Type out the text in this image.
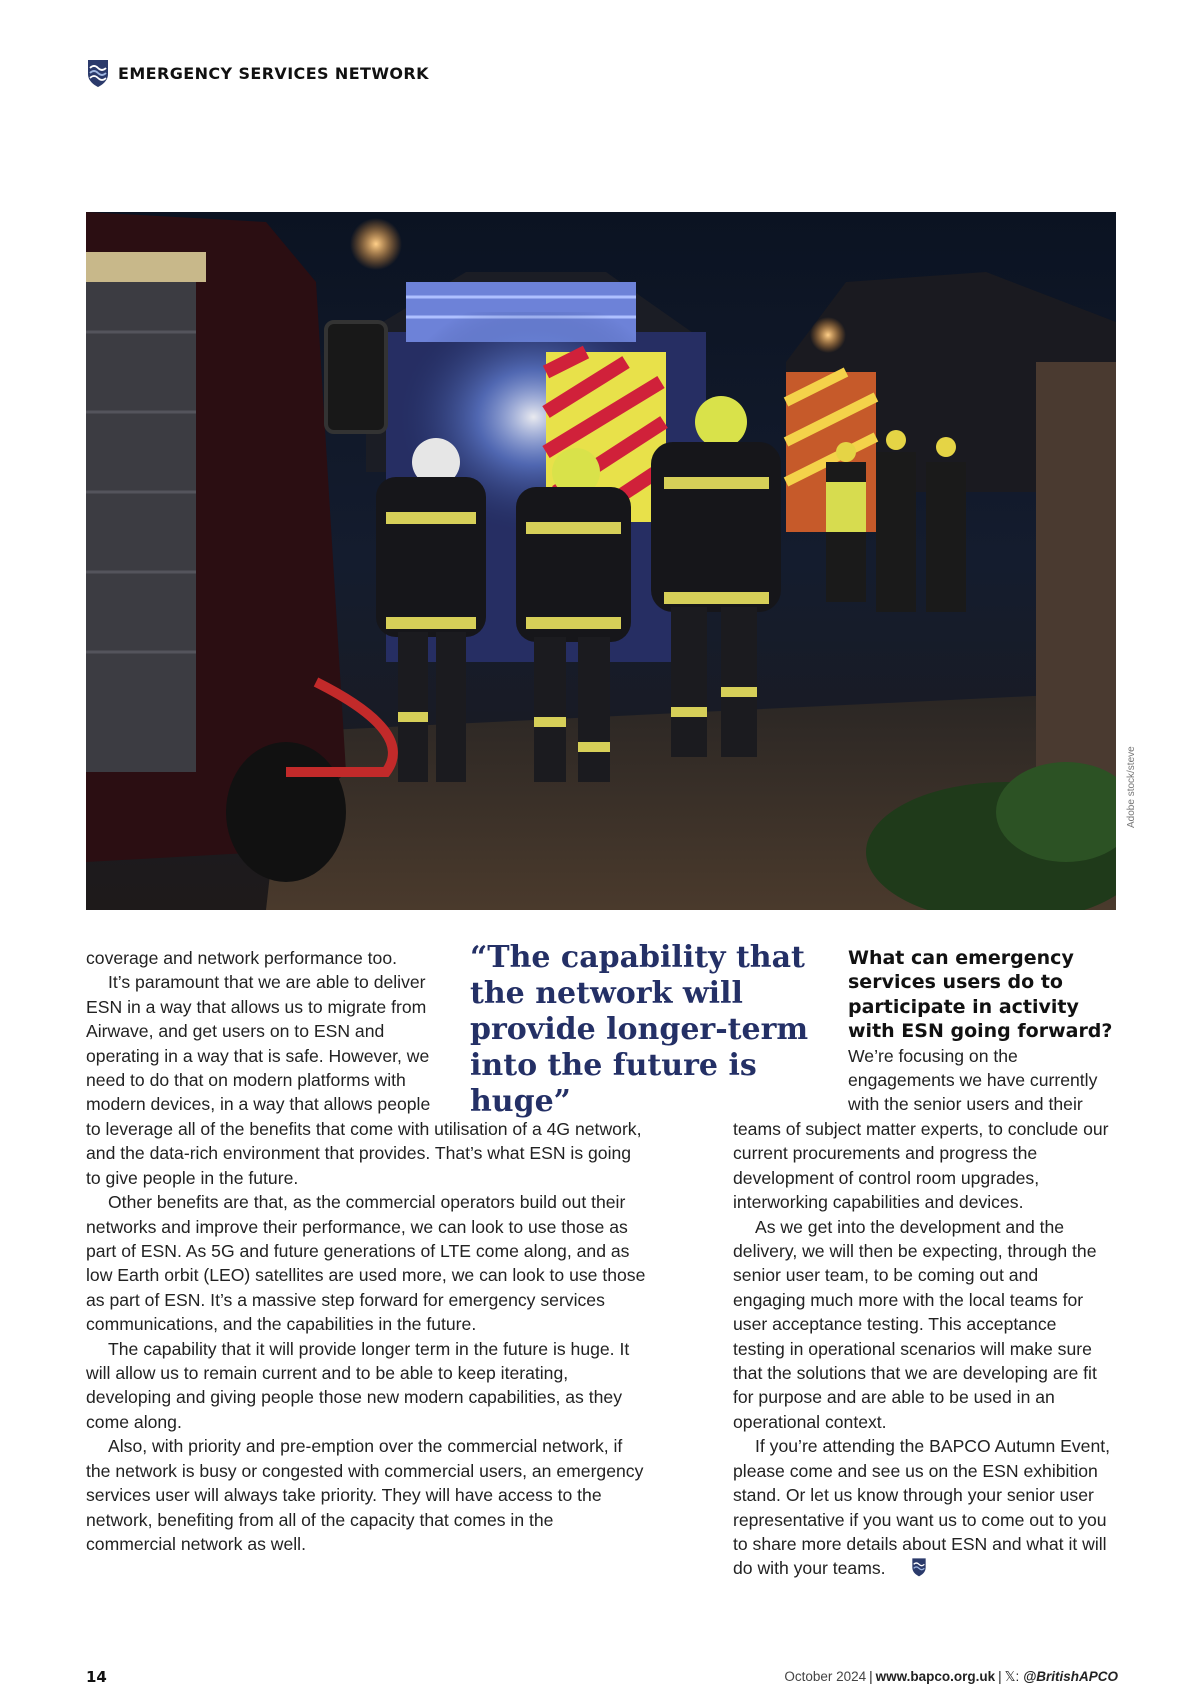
EMERGENCY SERVICES NETWORK
Adobe stock/steve

coverage and network performance too.

It’s paramount that we are able to deliver ESN in a way that allows us to migrate from Airwave, and get users on to ESN and operating in a way that is safe. However, we need to do that on modern platforms with modern devices, in a way that allows people

“The capability that the network will provide longer-term into the future is huge”

to leverage all of the benefits that come with utilisation of a 4G network, and the data-rich environment that provides. That’s what ESN is going to give people in the future.

Other benefits are that, as the commercial operators build out their networks and improve their performance, we can look to use those as part of ESN. As 5G and future generations of LTE come along, and as low Earth orbit (LEO) satellites are used more, we can look to use those as part of ESN. It’s a massive step forward for emergency services communications, and the capabilities in the future.

The capability that it will provide longer term in the future is huge. It will allow us to remain current and to be able to keep iterating, developing and giving people those new modern capabilities, as they come along.

Also, with priority and pre-emption over the commercial network, if the network is busy or congested with commercial users, an emergency services user will always take priority. They will have access to the network, benefiting from all of the capacity that comes in the commercial network as well.

What can emergency services users do to participate in activity with ESN going forward?

We’re focusing on the engagements we have currently with the senior users and their

teams of subject matter experts, to conclude our current procurements and progress the development of control room upgrades, interworking capabilities and devices.

As we get into the development and the delivery, we will then be expecting, through the senior user team, to be coming out and engaging much more with the local teams for user acceptance testing. This acceptance testing in operational scenarios will make sure that the solutions that we are developing are fit for purpose and are able to be used in an operational context.

If you’re attending the BAPCO Autumn Event, please come and see us on the ESN exhibition stand. Or let us know through your senior user representative if you want us to come out to you to share more details about ESN and what it will do with your teams.

14	October 2024 | www.bapco.org.uk | 𝕏: @BritishAPCO
